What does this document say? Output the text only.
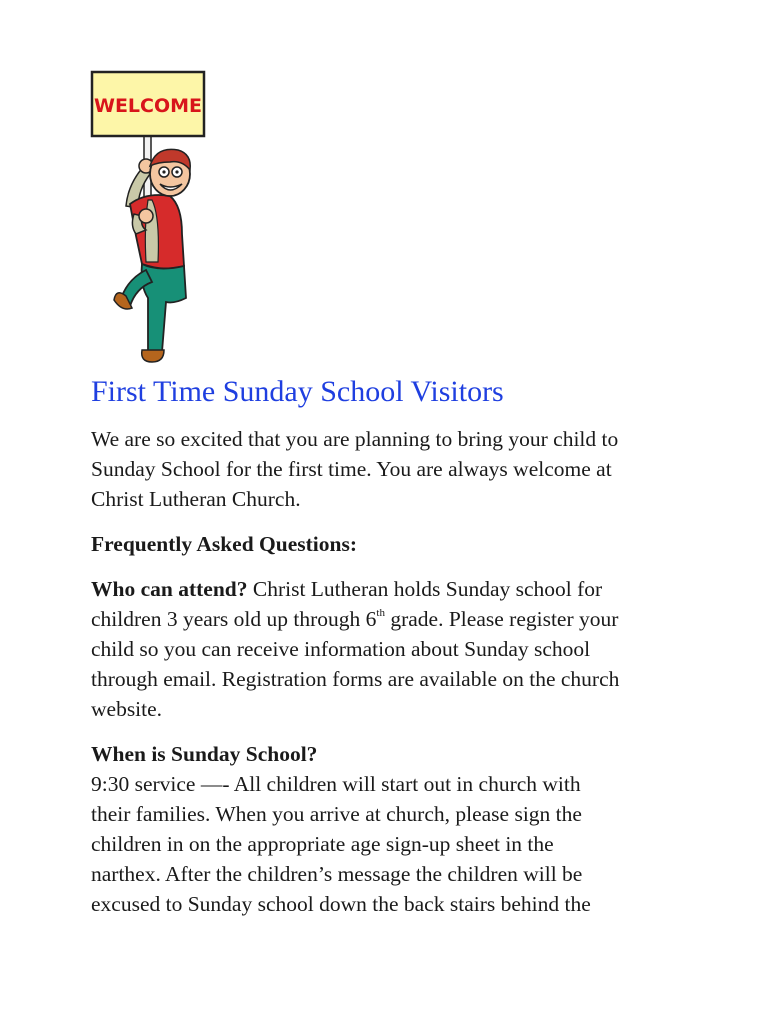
WELCOME
First Time Sunday School Visitors

We are so excited that you are planning to bring your child to
Sunday School for the first time. You are always welcome at
Christ Lutheran Church.

Frequently Asked Questions:

Who can attend? Christ Lutheran holds Sunday school for
children 3 years old up through 6th grade. Please register your
child so you can receive information about Sunday school
through email. Registration forms are available on the church
website.

When is Sunday School?
9:30 service —- All children will start out in church with
their families. When you arrive at church, please sign the
children in on the appropriate age sign-up sheet in the
narthex. After the children’s message the children will be
excused to Sunday school down the back stairs behind the
